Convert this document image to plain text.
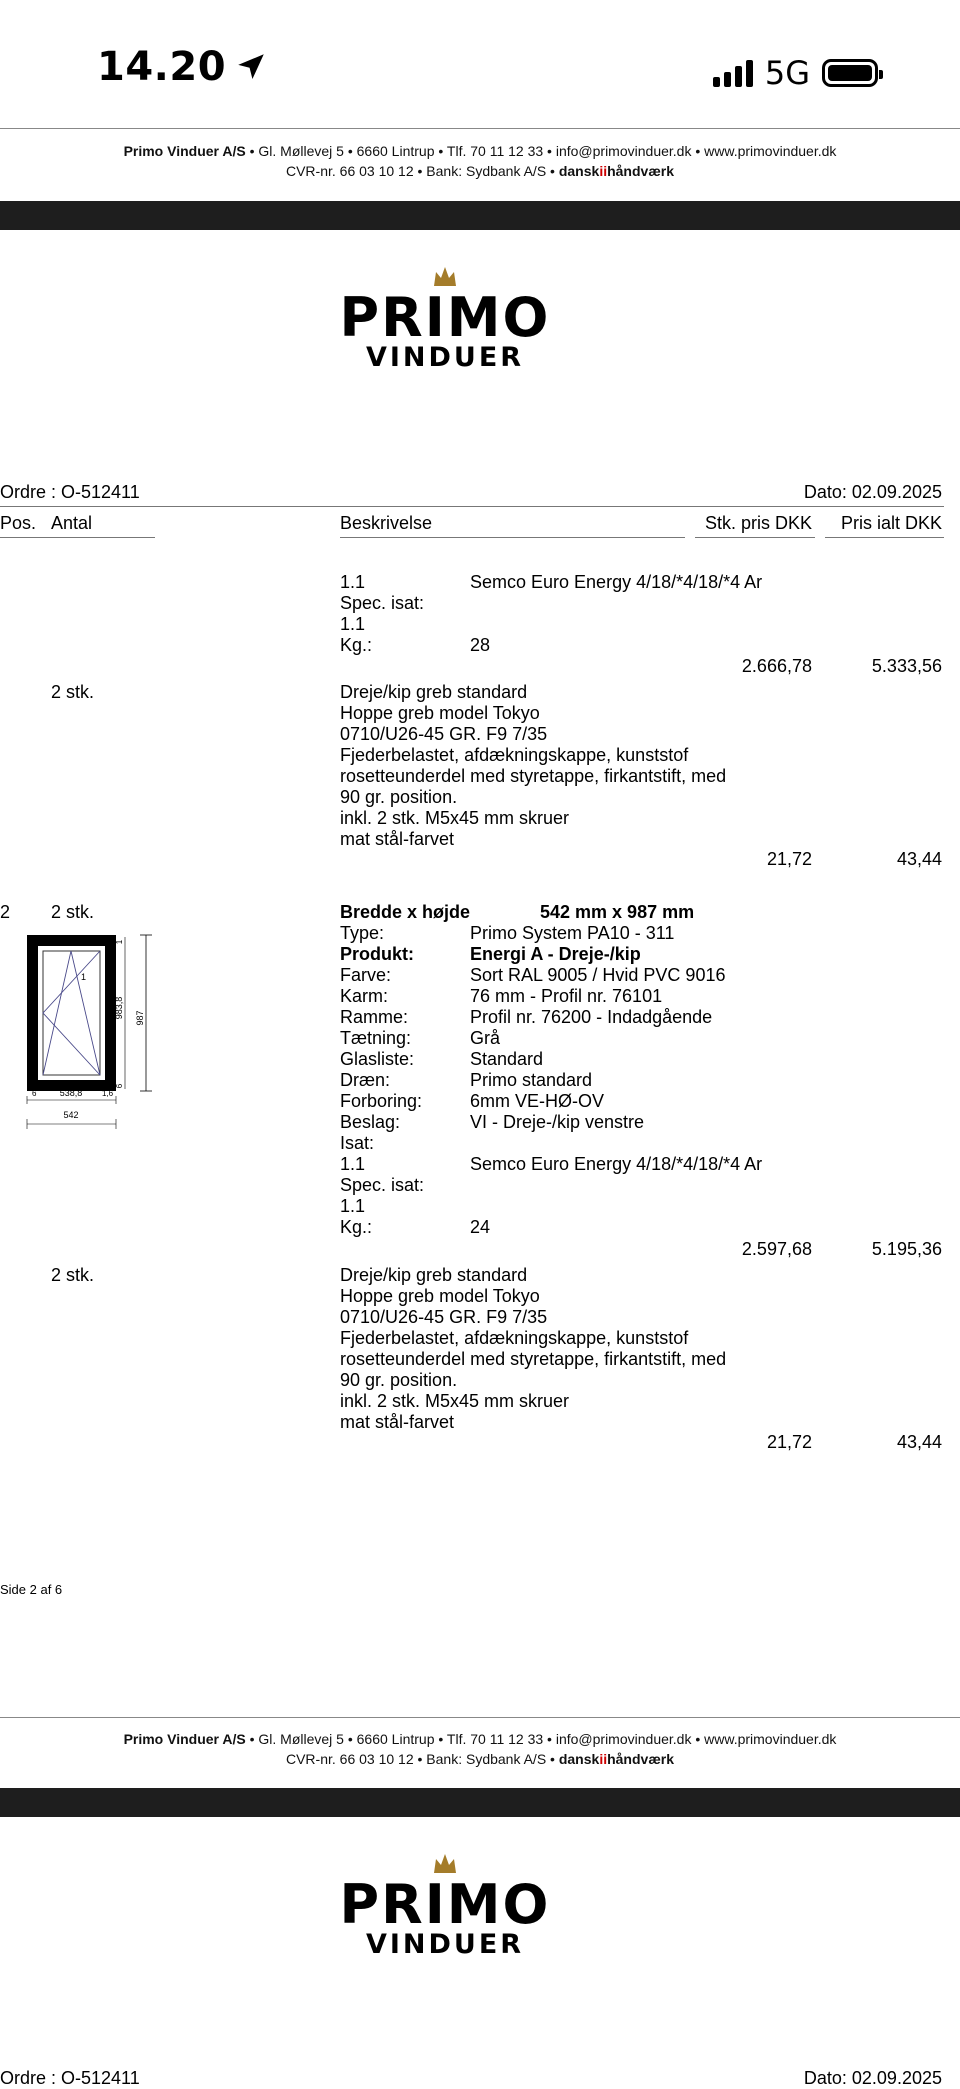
14.20	5G
Primo Vinduer A/S • Gl. Møllevej 5 • 6660 Lintrup • Tlf. 70 11 12 33 • info@primovinduer.dk • www.primovinduer.dk
CVR-nr. 66 03 10 12 • Bank: Sydbank A/S • danskiihåndværk
PRIMO
VINDUER
Ordre : O-512411	Dato: 02.09.2025
Pos. Antal	Beskrivelse	Stk. pris DKK Pris ialt DKK
1.1	Semco Euro Energy 4/18/*4/18/*4 Ar
Spec. isat:
1.1
Kg.:	28
2.666,78	5.333,56
2 stk.	Dreje/kip greb standard
Hoppe greb model Tokyo
0710/U26-45 GR. F9 7/35
Fjederbelastet, afdækningskappe, kunststof
rosetteunderdel med styretappe, firkantstift, med
90 gr. position.
inkl. 2 stk. M5x45 mm skruer
mat stål-farvet
21,72	43,44
2 2 stk.	Bredde x højde	542 mm x 987 mm
Type:	Primo System PA10 - 311
Produkt:	Energi A - Dreje-/kip
Farve:	Sort RAL 9005 / Hvid PVC 9016
Karm:	76 mm - Profil nr. 76101
Ramme:	Profil nr. 76200 - Indadgående
Tætning:	Grå
Glasliste:	Standard
Dræn:	Primo standard
Forboring:	6mm VE-HØ-OV
Beslag:	VI - Dreje-/kip venstre
Isat:
1.1	Semco Euro Energy 4/18/*4/18/*4 Ar
Spec. isat:
1.1
Kg.:	24
2.597,68	5.195,36
1
987
983,8
1
6
6	538,8 1,6
542
2 stk.	Dreje/kip greb standard
Hoppe greb model Tokyo
0710/U26-45 GR. F9 7/35
Fjederbelastet, afdækningskappe, kunststof
rosetteunderdel med styretappe, firkantstift, med
90 gr. position.
inkl. 2 stk. M5x45 mm skruer
mat stål-farvet
21,72	43,44
Side 2 af 6
Primo Vinduer A/S • Gl. Møllevej 5 • 6660 Lintrup • Tlf. 70 11 12 33 • info@primovinduer.dk • www.primovinduer.dk
CVR-nr. 66 03 10 12 • Bank: Sydbank A/S • danskiihåndværk
PRIMO
VINDUER
Ordre : O-512411	Dato: 02.09.2025
